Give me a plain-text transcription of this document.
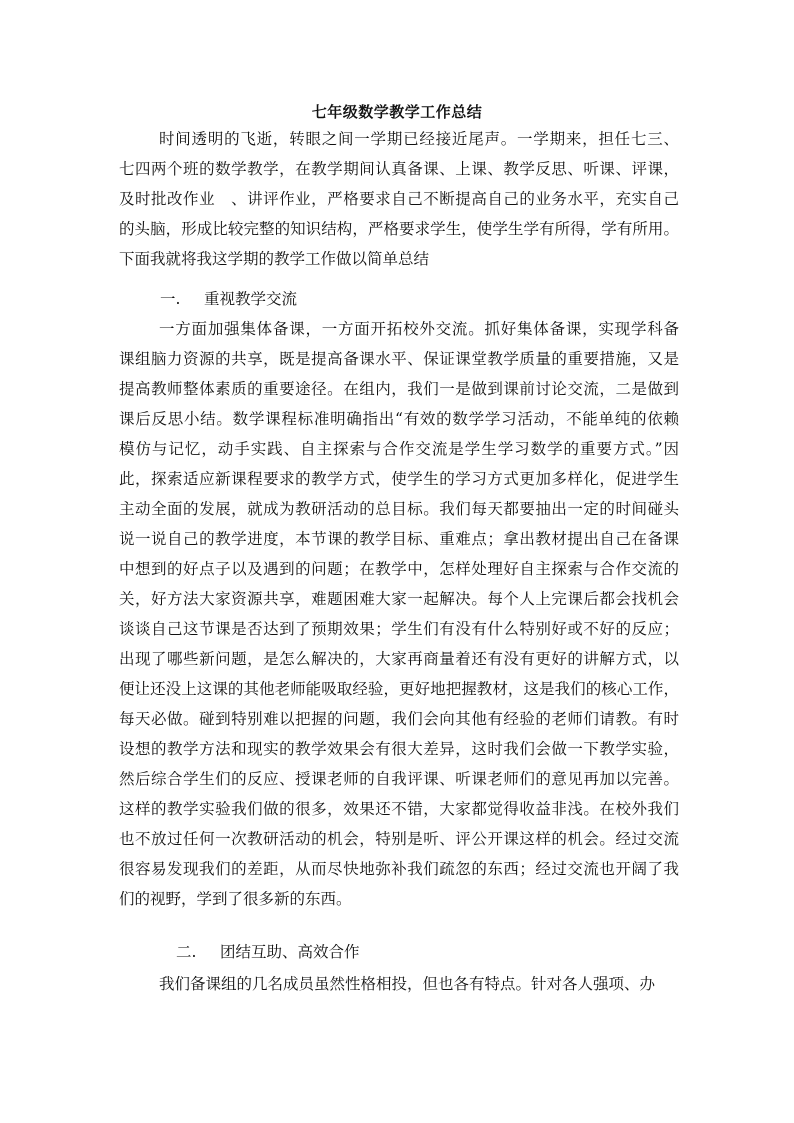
七年级数学教学工作总结
时间透明的飞逝，转眼之间一学期已经接近尾声。一学期来，担任七三、
七四两个班的数学教学，在教学期间认真备课、上课、教学反思、听课、评课，
及时批改作业　、讲评作业，严格要求自己不断提高自己的业务水平，充实自己
的头脑，形成比较完整的知识结构，严格要求学生，使学生学有所得，学有所用。
下面我就将我这学期的教学工作做以简单总结
一. 重视教学交流
一方面加强集体备课，一方面开拓校外交流。抓好集体备课，实现学科备
课组脑力资源的共享，既是提高备课水平、保证课堂教学质量的重要措施，又是
提高教师整体素质的重要途径。在组内，我们一是做到课前讨论交流，二是做到
课后反思小结。数学课程标准明确指出“有效的数学学习活动，不能单纯的依赖
模仿与记忆，动手实践、自主探索与合作交流是学生学习数学的重要方式。”因
此，探索适应新课程要求的教学方式，使学生的学习方式更加多样化，促进学生
主动全面的发展，就成为教研活动的总目标。我们每天都要抽出一定的时间碰头
说一说自己的教学进度，本节课的教学目标、重难点；拿出教材提出自己在备课
中想到的好点子以及遇到的问题；在教学中，怎样处理好自主探索与合作交流的
关，好方法大家资源共享，难题困难大家一起解决。每个人上完课后都会找机会
谈谈自己这节课是否达到了预期效果；学生们有没有什么特别好或不好的反应；
出现了哪些新问题，是怎么解决的，大家再商量着还有没有更好的讲解方式，以
便让还没上这课的其他老师能吸取经验，更好地把握教材，这是我们的核心工作，
每天必做。碰到特别难以把握的问题，我们会向其他有经验的老师们请教。有时
设想的教学方法和现实的教学效果会有很大差异，这时我们会做一下教学实验，
然后综合学生们的反应、授课老师的自我评课、听课老师们的意见再加以完善。
这样的教学实验我们做的很多，效果还不错，大家都觉得收益非浅。在校外我们
也不放过任何一次教研活动的机会，特别是听、评公开课这样的机会。经过交流
很容易发现我们的差距，从而尽快地弥补我们疏忽的东西；经过交流也开阔了我
们的视野，学到了很多新的东西。
二. 团结互助、高效合作
我们备课组的几名成员虽然性格相投，但也各有特点。针对各人强项、办
